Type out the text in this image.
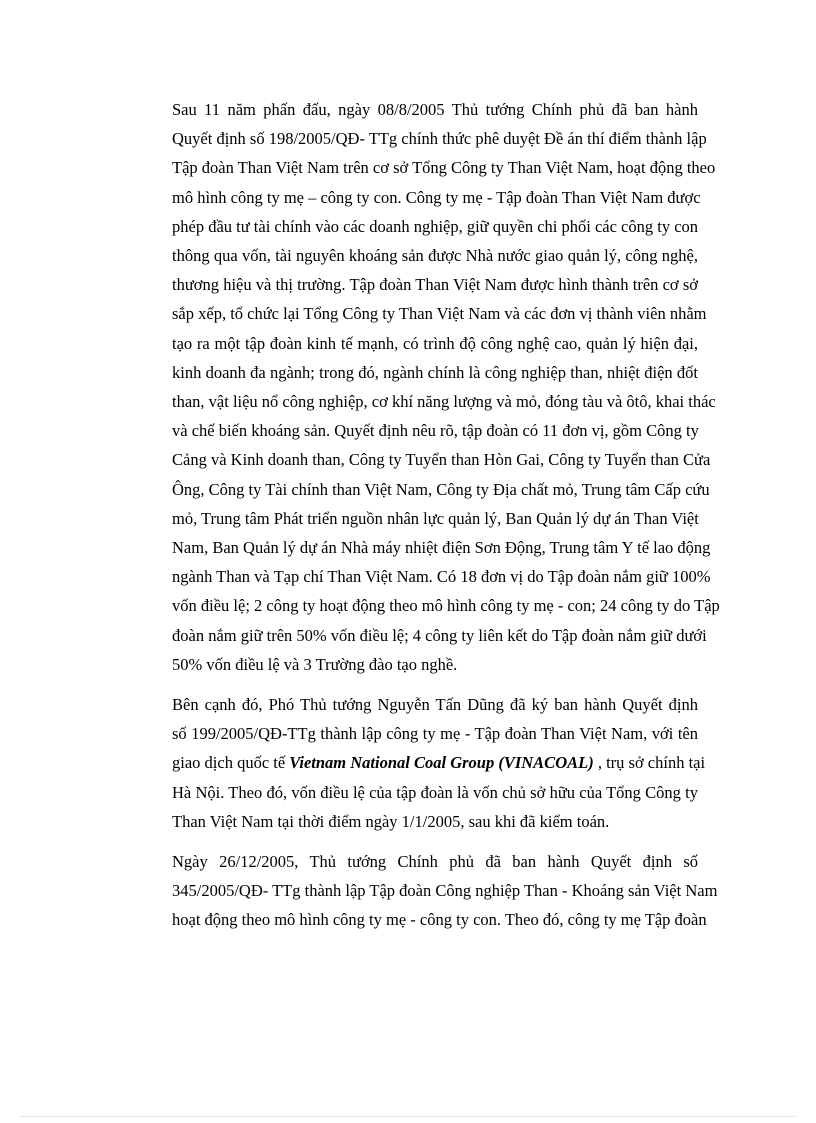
Sau 11 năm phấn đấu, ngày 08/8/2005 Thủ tướng Chính phủ đã ban hành
Quyết định số 198/2005/QĐ- TTg chính thức phê duyệt Đề án thí điểm thành lập
Tập đoàn Than Việt Nam trên cơ sở Tổng Công ty Than Việt Nam, hoạt động theo
mô hình công ty mẹ – công ty con. Công ty mẹ - Tập đoàn Than Việt Nam được
phép đầu tư tài chính vào các doanh nghiệp, giữ quyền chi phối các công ty con
thông qua vốn, tài nguyên khoáng sản được Nhà nước giao quản lý, công nghệ,
thương hiệu và thị trường. Tập đoàn Than Việt Nam được hình thành trên cơ sở
sắp xếp, tổ chức lại Tổng Công ty Than Việt Nam và các đơn vị thành viên nhằm
tạo ra một tập đoàn kinh tế mạnh, có trình độ công nghệ cao, quản lý hiện đại,
kinh doanh đa ngành; trong đó, ngành chính là công nghiệp than, nhiệt điện đốt
than, vật liệu nổ công nghiệp, cơ khí năng lượng và mỏ, đóng tàu và ôtô, khai thác
và chế biến khoáng sản. Quyết định nêu rõ, tập đoàn có 11 đơn vị, gồm Công ty
Cảng và Kinh doanh than, Công ty Tuyển than Hòn Gai, Công ty Tuyển than Cửa
Ông, Công ty Tài chính than Việt Nam, Công ty Địa chất mỏ, Trung tâm Cấp cứu
mỏ, Trung tâm Phát triển nguồn nhân lực quản lý, Ban Quản lý dự án Than Việt
Nam, Ban Quản lý dự án Nhà máy nhiệt điện Sơn Động, Trung tâm Y tế lao động
ngành Than và Tạp chí Than Việt Nam. Có 18 đơn vị do Tập đoàn nắm giữ 100%
vốn điều lệ; 2 công ty hoạt động theo mô hình công ty mẹ - con; 24 công ty do Tập
đoàn nắm giữ trên 50% vốn điều lệ; 4 công ty liên kết do Tập đoàn nắm giữ dưới
50% vốn điều lệ và 3 Trường đào tạo nghề.

Bên cạnh đó, Phó Thủ tướng Nguyễn Tấn Dũng đã ký ban hành Quyết định
số 199/2005/QĐ-TTg thành lập công ty mẹ - Tập đoàn Than Việt Nam, với tên
giao dịch quốc tế Vietnam National Coal Group (VINACOAL) , trụ sở chính tại
Hà Nội. Theo đó, vốn điều lệ của tập đoàn là vốn chủ sở hữu của Tổng Công ty
Than Việt Nam tại thời điểm ngày 1/1/2005, sau khi đã kiểm toán.

Ngày 26/12/2005, Thủ tướng Chính phủ đã ban hành Quyết định số
345/2005/QĐ- TTg thành lập Tập đoàn Công nghiệp Than - Khoáng sản Việt Nam
hoạt động theo mô hình công ty mẹ - công ty con. Theo đó, công ty mẹ Tập đoàn
